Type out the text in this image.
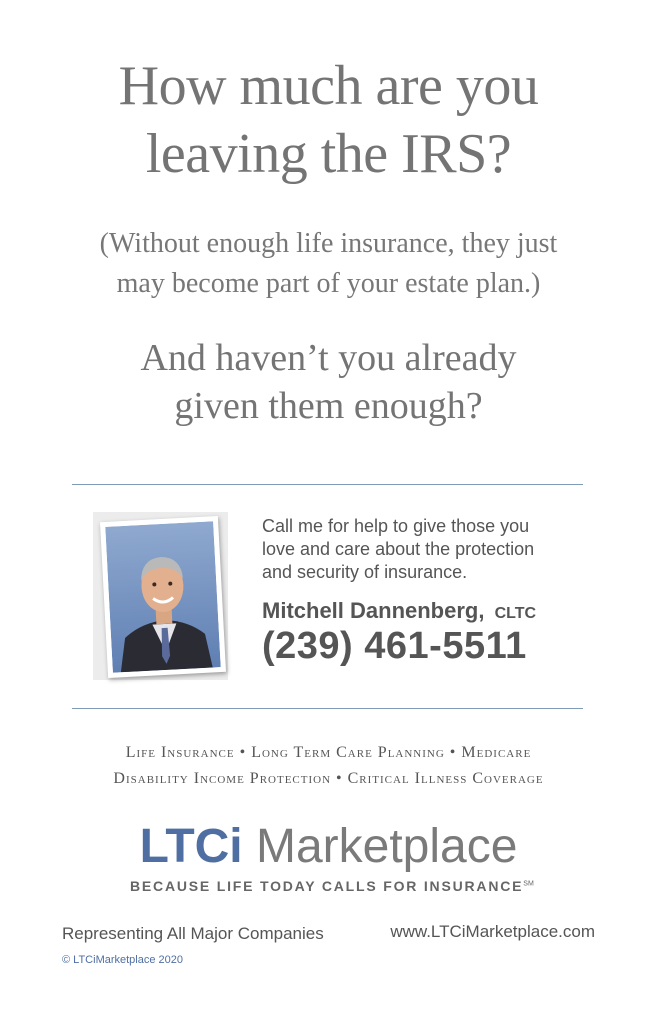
How much are you
leaving the IRS?
(Without enough life insurance, they just
may become part of your estate plan.)
And haven’t you already
given them enough?
Call me for help to give those you
love and care about the protection
and security of insurance.
Mitchell Dannenberg, CLTC
(239) 461-5511
Life Insurance • Long Term Care Planning • Medicare
Disability Income Protection • Critical Illness Coverage
LTCi Marketplace
BECAUSE LIFE TODAY CALLS FOR INSURANCE℠
Representing All Major Companies	www.LTCiMarketplace.com
© LTCiMarketplace 2020
